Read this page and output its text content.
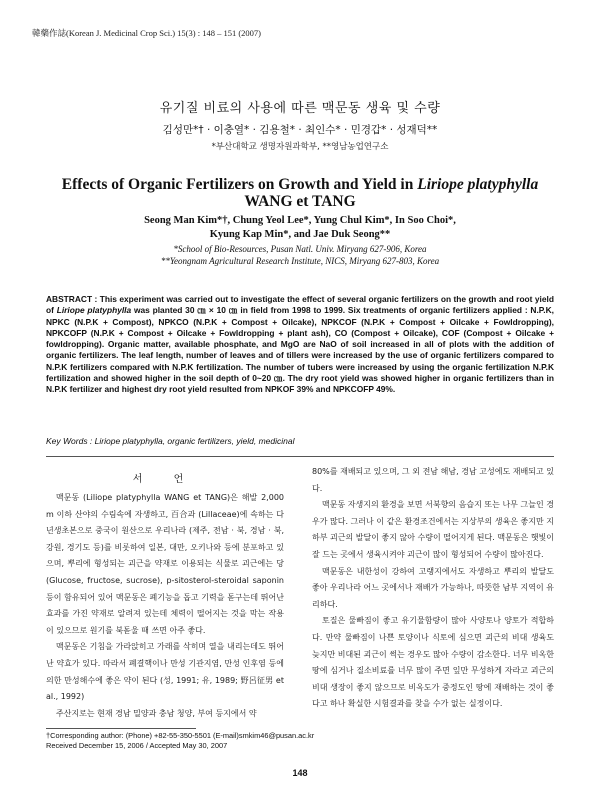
韓藥作誌(Korean J. Medicinal Crop Sci.) 15(3) : 148 – 151 (2007)
유기질 비료의 사용에 따른 맥문동 생육 및 수량
김성만*† · 이충열* · 김용철* · 최인수* · 민경갑* · 성재덕**
*부산대학교 생명자원과학부, **영남농업연구소
Effects of Organic Fertilizers on Growth and Yield in Liriope platyphylla
WANG et TANG
Seong Man Kim*†, Chung Yeol Lee*, Yung Chul Kim*, In Soo Choi*,
Kyung Kap Min*, and Jae Duk Seong**
*School of Bio-Resources, Pusan Natl. Univ. Miryang 627-906, Korea
**Yeongnam Agricultural Research Institute, NICS, Miryang 627-803, Korea
ABSTRACT : This experiment was carried out to investigate the effect of several organic fertilizers on the growth and root yield of Liriope platyphylla was planted 30 ㎝ × 10 ㎝ in field from 1998 to 1999. Six treatments of organic fertilizers applied : N.P.K, NPKC (N.P.K + Compost), NPKCO (N.P.K + Compost + Oilcake), NPKCOF (N.P.K + Compost + Oilcake + Fowldropping), NPKCOFP (N.P.K + Compost + Oilcake + Fowldropping + plant ash), CO (Compost + Oilcake), COF (Compost + Oilcake + fowldropping). Organic matter, available phosphate, and MgO are NaO of soil increased in all of plots with the addition of organic fertilizers. The leaf length, number of leaves and of tillers were increased by the use of organic fertilizers compared to N.P.K fertilizers compared with N.P.K fertilization. The number of tubers were increased by using the organic fertilization N.P.K fertilization and showed higher in the soil depth of 0~20 ㎝. The dry root yield was showed higher in organic fertilizers than in N.P.K fertilizer and highest dry root yield resulted from NPKOF 39% and NPKCOFP 49%.
Key Words : Liriope platyphylla, organic fertilizers, yield, medicinal
서 언

맥문동 (Liliope platyphylla WANG et TANG)은 해발 2,000 m 이하 산야의 수림속에 자생하고, 百合과 (Lillaceae)에 속하는 다년생초본으로 중국이 원산으로 우리나라 (제주, 전남 · 북, 경남 · 북, 강원, 경기도 등)를 비롯하여 일본, 대만, 오키나와 등에 분포하고 있으며, 뿌리에 형성되는 괴근을 약재로 이용되는 식물로 괴근에는 당 (Glucose, fructose, sucrose), p-sitosterol-steroidal saponin 등이 함유되어 있어 맥문동은 폐기능을 돕고 기력을 돋구는데 뛰어난 효과를 가진 약재로 알려져 있는데 체력이 떨어지는 것을 막는 작용이 있으므로 원기를 북돋울 때 쓰면 아주 좋다.

맥문동은 기침을 가라앉히고 가래를 삭히며 열을 내리는데도 뛰어난 약효가 있다. 따라서 폐결핵이나 만성 기관지염, 만성 인후염 등에 의한 만성해수에 좋은 약이 된다 (성, 1991; 유, 1989; 野呂征男 et al., 1992)

주산지로는 현재 경남 밀양과 충남 청양, 부여 등지에서 약

80%를 재배되고 있으며, 그 외 전남 해남, 경남 고성에도 재배되고 있다.

맥문동 자생지의 환경을 보면 서북향의 음습지 또는 나무 그늘인 경우가 많다. 그러나 이 같은 환경조건에서는 지상부의 생육은 좋지만 지하부 괴근의 발달이 좋지 않아 수량이 떨어지게 된다. 맥문동은 햇빛이 잘 드는 곳에서 생육시켜야 괴근이 많이 형성되어 수량이 많아진다.

맥문동은 내한성이 강하여 고랭지에서도 자생하고 뿌리의 발달도 좋아 우리나라 어느 곳에서나 재배가 가능하나, 따뜻한 남부 지역이 유리하다.

토질은 물빠짐이 좋고 유기물함량이 많아 사양토나 양토가 적합하다. 만약 물빠짐이 나쁜 토양이나 식토에 심으면 괴근의 비대 생육도 늦지만 비대된 괴근이 썩는 경우도 많아 수량이 감소한다. 너무 비옥한 땅에 심거나 질소비료를 너무 많이 주면 잎만 무성하게 자라고 괴근의 비대 생장이 좋지 않으므로 비옥도가 중정도인 땅에 재배하는 것이 좋다고 하나 확실한 시험결과를 찾을 수가 없는 실정이다.

†Corresponding author: (Phone) +82-55-350-5501 (E-mail)smkim46@pusan.ac.kr
Received December 15, 2006 / Accepted May 30, 2007
148
